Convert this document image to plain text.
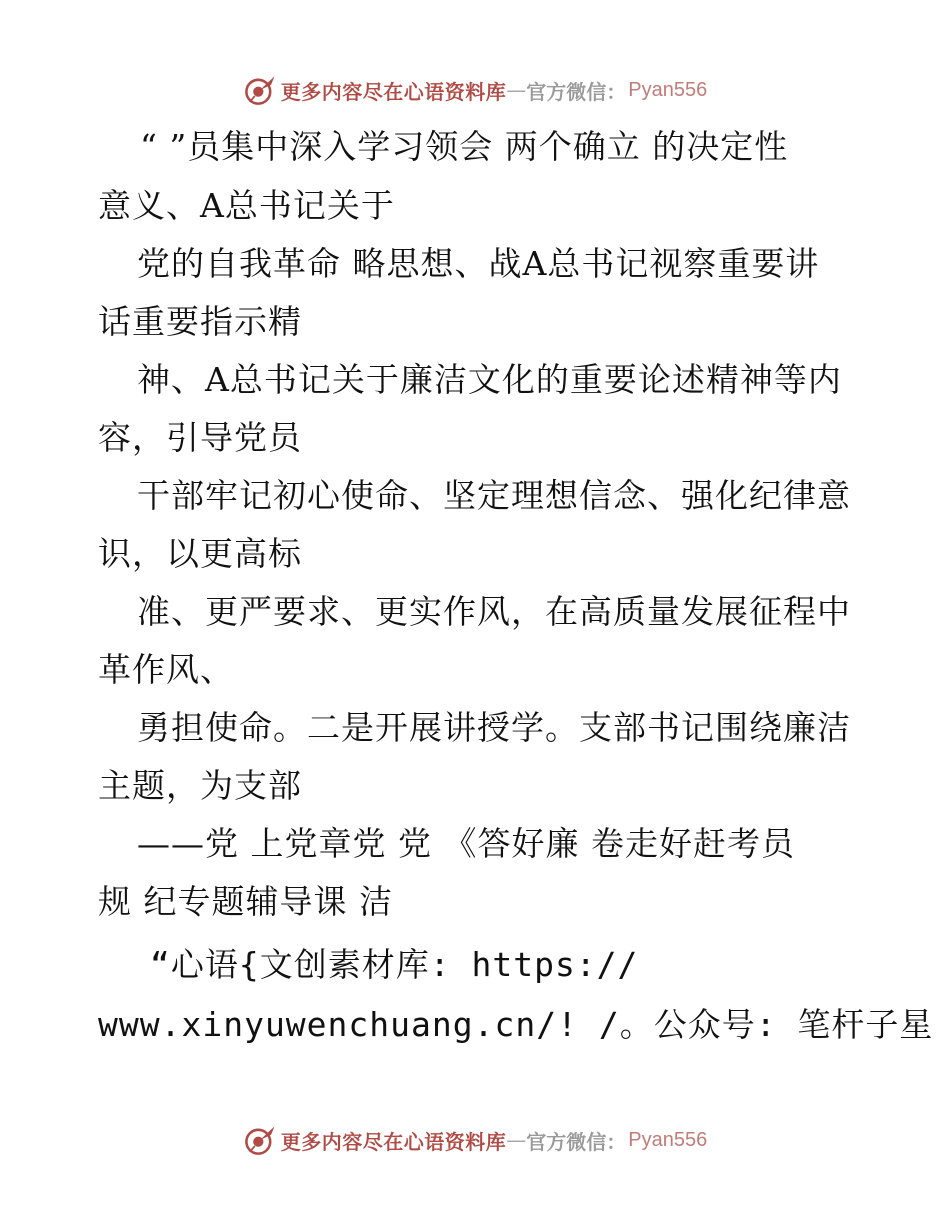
更多内容尽在心语资料库 — 官方微信： Pyan556
“ ”员集中深入学习领会 两个确立 的决定性
意义、A总书记关于
党的自我革命 略思想、战A总书记视察重要讲
话重要指示精
神、A总书记关于廉洁文化的重要论述精神等内
容，引导党员
干部牢记初心使命、坚定理想信念、强化纪律意
识，以更高标
准、更严要求、更实作风，在高质量发展征程中
革作风、
勇担使命。二是开展讲授学。支部书记围绕廉洁
主题，为支部
——党 上党章党 党 《答好廉 卷走好赶考员
规 纪专题辅导课 洁
“心语{文创素材库: https://
www.xinyuwenchuang.cn/! /。公众号: 笔杆子星
更多内容尽在心语资料库 — 官方微信： Pyan556
